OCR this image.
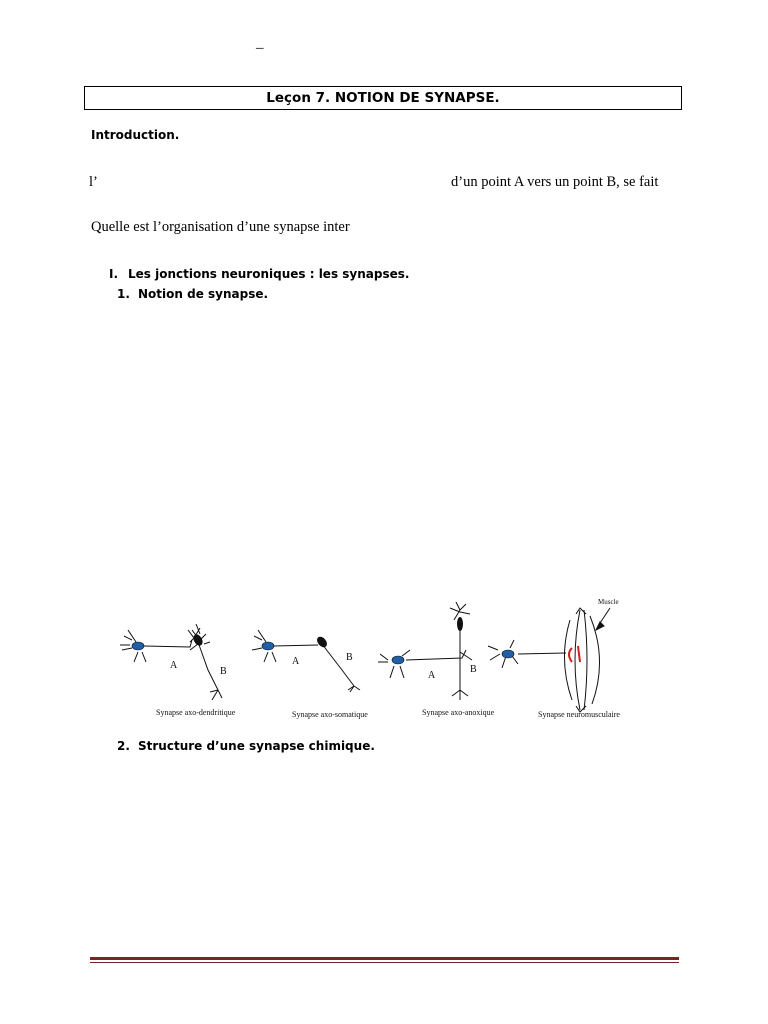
–
Leçon 7. NOTION DE SYNAPSE.
Introduction.
l’	d’un point A vers un point B, se fait
Quelle est l’organisation d’une synapse inter
I. Les jonctions neuroniques : les synapses.
1. Notion de synapse.
A
B
A	B
A
B
Muscle
Synapse axo-dendritique	Synapse axo-somatique	Synapse axo-anoxique	Synapse neuromusculaire
2. Structure d’une synapse chimique.
